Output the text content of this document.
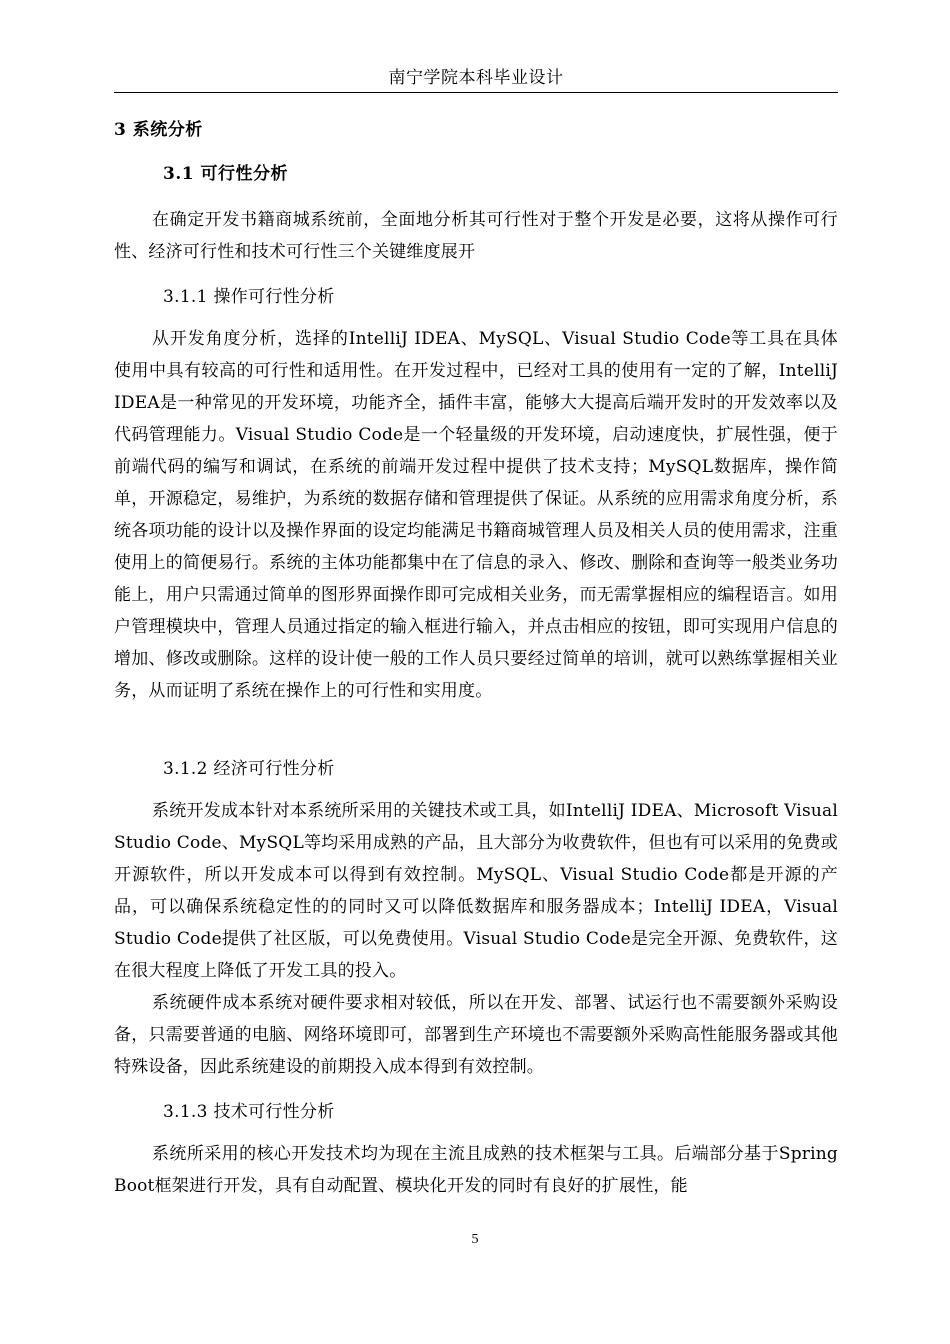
南宁学院本科毕业设计
3 系统分析
3.1 可行性分析
在确定开发书籍商城系统前，全面地分析其可行性对于整个开发是必要，这将从操作可行性、经济可行性和技术可行性三个关键维度展开
3.1.1 操作可行性分析
从开发角度分析，选择的IntelliJ IDEA、MySQL、Visual Studio Code等工具在具体使用中具有较高的可行性和适用性。在开发过程中，已经对工具的使用有一定的了解，IntelliJ IDEA是一种常见的开发环境，功能齐全，插件丰富，能够大大提高后端开发时的开发效率以及代码管理能力。Visual Studio Code是一个轻量级的开发环境，启动速度快，扩展性强，便于前端代码的编写和调试，在系统的前端开发过程中提供了技术支持；MySQL数据库，操作简单，开源稳定，易维护，为系统的数据存储和管理提供了保证。从系统的应用需求角度分析，系统各项功能的设计以及操作界面的设定均能满足书籍商城管理人员及相关人员的使用需求，注重使用上的简便易行。系统的主体功能都集中在了信息的录入、修改、删除和查询等一般类业务功能上，用户只需通过简单的图形界面操作即可完成相关业务，而无需掌握相应的编程语言。如用户管理模块中，管理人员通过指定的输入框进行输入，并点击相应的按钮，即可实现用户信息的增加、修改或删除。这样的设计使一般的工作人员只要经过简单的培训，就可以熟练掌握相关业务，从而证明了系统在操作上的可行性和实用度。
3.1.2 经济可行性分析
系统开发成本针对本系统所采用的关键技术或工具，如IntelliJ IDEA、Microsoft Visual Studio Code、MySQL等均采用成熟的产品，且大部分为收费软件，但也有可以采用的免费或开源软件，所以开发成本可以得到有效控制。MySQL、Visual Studio Code都是开源的产品，可以确保系统稳定性的的同时又可以降低数据库和服务器成本；IntelliJ IDEA，Visual Studio Code提供了社区版，可以免费使用。Visual Studio Code是完全开源、免费软件，这在很大程度上降低了开发工具的投入。
系统硬件成本系统对硬件要求相对较低，所以在开发、部署、试运行也不需要额外采购设备，只需要普通的电脑、网络环境即可，部署到生产环境也不需要额外采购高性能服务器或其他特殊设备，因此系统建设的前期投入成本得到有效控制。
3.1.3 技术可行性分析
系统所采用的核心开发技术均为现在主流且成熟的技术框架与工具。后端部分基于Spring Boot框架进行开发，具有自动配置、模块化开发的同时有良好的扩展性，能
5
